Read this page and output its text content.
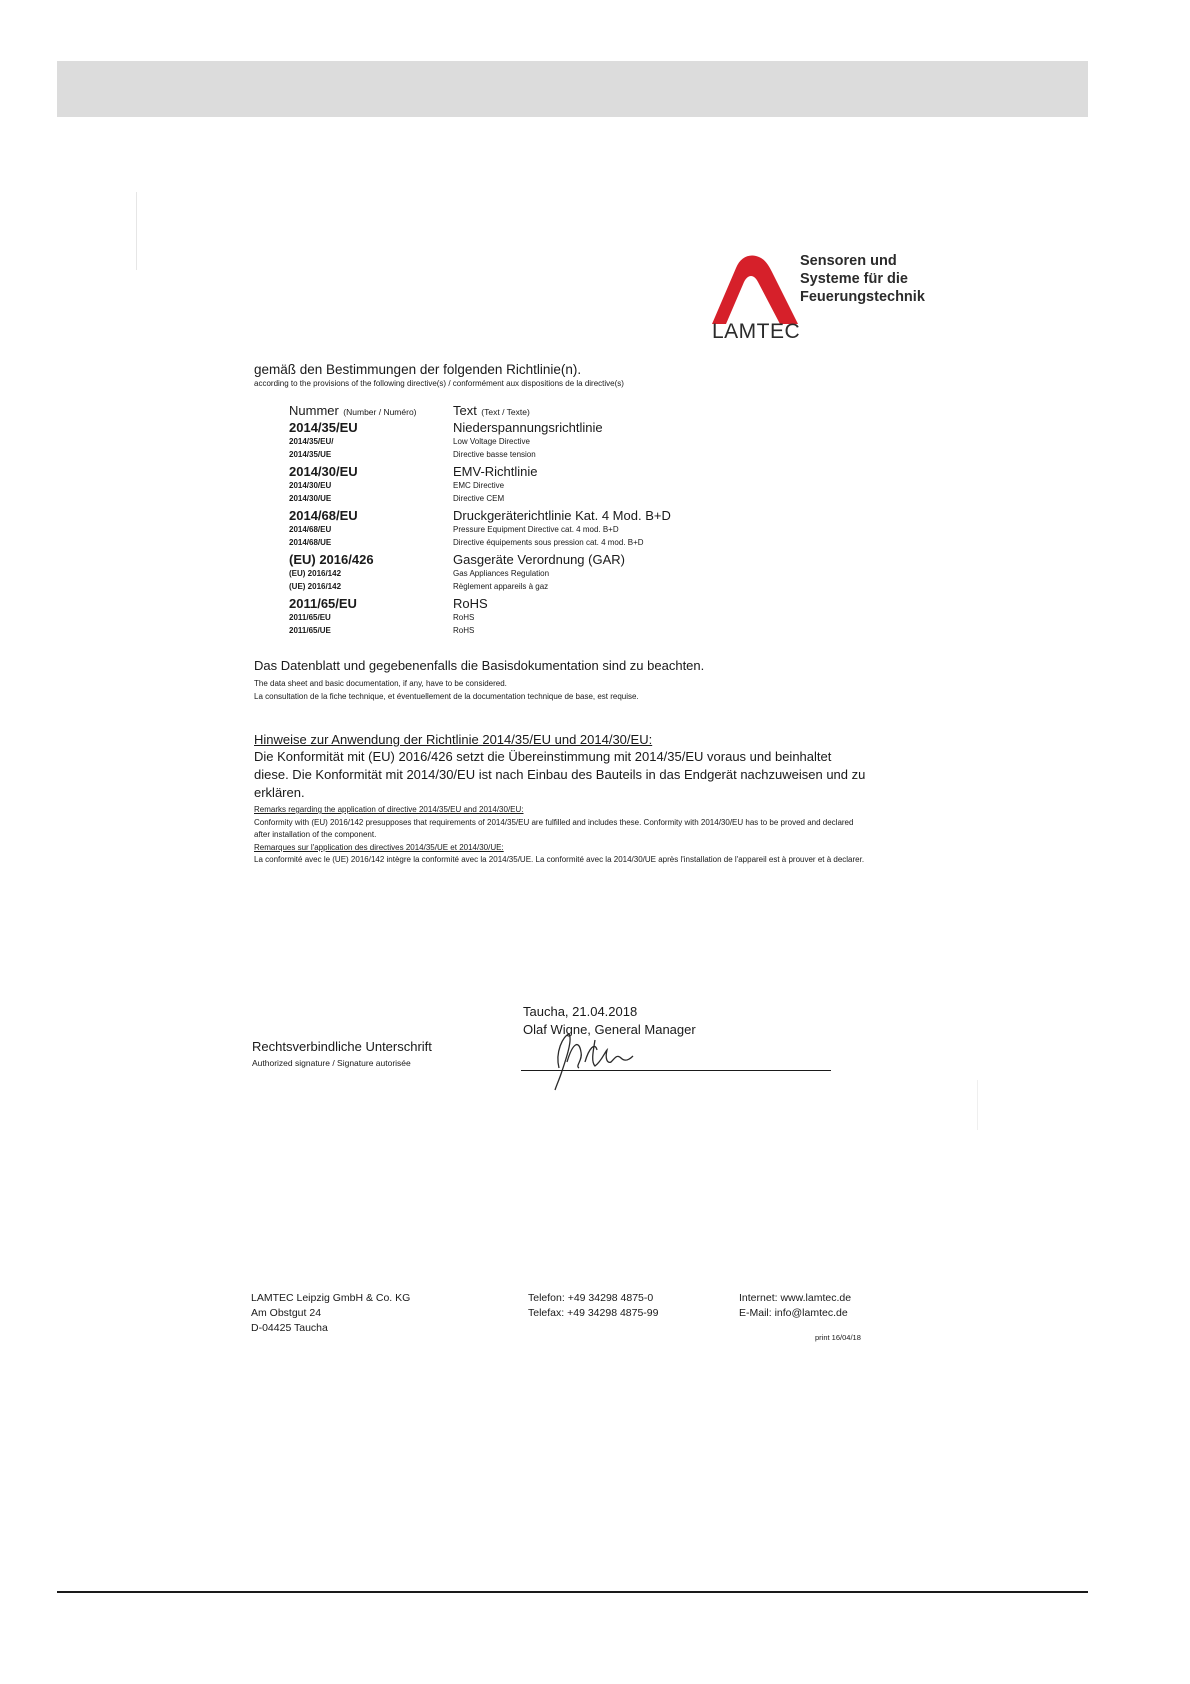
LAMTEC
Sensoren und
Systeme für die
Feuerungstechnik
gemäß den Bestimmungen der folgenden Richtlinie(n).
according to the provisions of the following directive(s) / conformément aux dispositions de la directive(s)
Nummer (Number / Numéro)	Text (Text / Texte)
2014/35/EU
2014/35/EU/
2014/35/UE
Niederspannungsrichtlinie
Low Voltage Directive
Directive basse tension
2014/30/EU
2014/30/EU
2014/30/UE
EMV-Richtlinie
EMC Directive
Directive CEM
2014/68/EU
2014/68/EU
2014/68/UE
Druckgeräterichtlinie Kat. 4 Mod. B+D
Pressure Equipment Directive cat. 4 mod. B+D
Directive équipements sous pression cat. 4 mod. B+D
(EU) 2016/426
(EU) 2016/142
(UE) 2016/142
Gasgeräte Verordnung (GAR)
Gas Appliances Regulation
Règlement appareils à gaz
2011/65/EU
2011/65/EU
2011/65/UE
RoHS
RoHS
RoHS
Das Datenblatt und gegebenenfalls die Basisdokumentation sind zu beachten.
The data sheet and basic documentation, if any, have to be considered.
La consultation de la fiche technique, et éventuellement de la documentation technique de base, est requise.
Hinweise zur Anwendung der Richtlinie 2014/35/EU und 2014/30/EU:
Die Konformität mit (EU) 2016/426 setzt die Übereinstimmung mit 2014/35/EU voraus und beinhaltet diese. Die Konformität mit 2014/30/EU ist nach Einbau des Bauteils in das Endgerät nachzuweisen und zu erklären.
Remarks regarding the application of directive 2014/35/EU and 2014/30/EU:
Conformity with (EU) 2016/142 presupposes that requirements of 2014/35/EU are fulfilled and includes these. Conformity with 2014/30/EU has to be proved and declared after installation of the component.
Remarques sur l'application des directives 2014/35/UE et 2014/30/UE:
La conformité avec le (UE) 2016/142 intègre la conformité avec la 2014/35/UE. La conformité avec la 2014/30/UE après l'installation de l'appareil est à prouver et à declarer.
Taucha, 21.04.2018
Olaf Wigne, General Manager
Rechtsverbindliche Unterschrift
Authorized signature / Signature autorisée
LAMTEC Leipzig GmbH & Co. KG
Am Obstgut 24
D-04425 Taucha
Telefon: +49 34298 4875-0
Telefax: +49 34298 4875-99
Internet: www.lamtec.de
E-Mail: info@lamtec.de
print 16/04/18
